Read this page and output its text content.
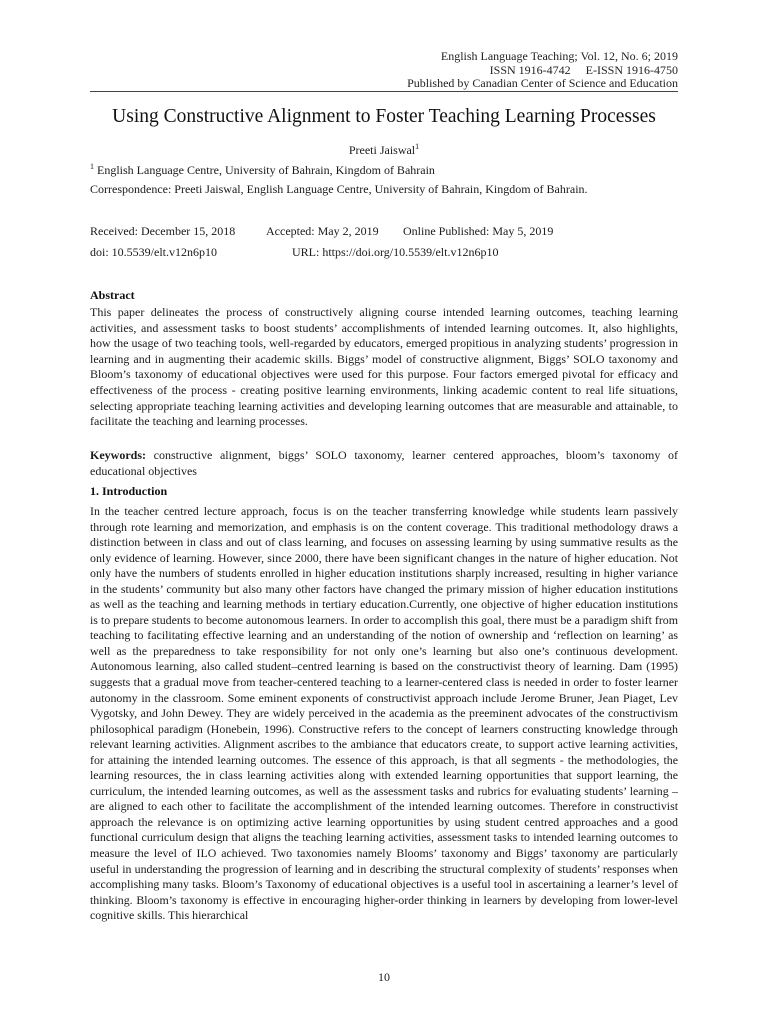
English Language Teaching; Vol. 12, No. 6; 2019
ISSN 1916-4742     E-ISSN 1916-4750
Published by Canadian Center of Science and Education
Using Constructive Alignment to Foster Teaching Learning Processes
Preeti Jaiswal$^1$
$^1$ English Language Centre, University of Bahrain, Kingdom of Bahrain
Correspondence: Preeti Jaiswal, English Language Centre, University of Bahrain, Kingdom of Bahrain.
Received: December 15, 2018	Accepted: May 2, 2019 Online Published: May 5, 2019
doi: 10.5539/elt.v12n6p10	URL: https://doi.org/10.5539/elt.v12n6p10
Abstract
This paper delineates the process of constructively aligning course intended learning outcomes, teaching learning activities, and assessment tasks to boost students’ accomplishments of intended learning outcomes. It, also highlights, how the usage of two teaching tools, well-regarded by educators, emerged propitious in analyzing students’ progression in learning and in augmenting their academic skills. Biggs’ model of constructive alignment, Biggs’ SOLO taxonomy and Bloom’s taxonomy of educational objectives were used for this purpose. Four factors emerged pivotal for efficacy and effectiveness of the process - creating positive learning environments, linking academic content to real life situations, selecting appropriate teaching learning activities and developing learning outcomes that are measurable and attainable, to facilitate the teaching and learning processes.
Keywords: constructive alignment, biggs’ SOLO taxonomy, learner centered approaches, bloom’s taxonomy of educational objectives
1. Introduction
In the teacher centred lecture approach, focus is on the teacher transferring knowledge while students learn passively through rote learning and memorization, and emphasis is on the content coverage. This traditional methodology draws a distinction between in class and out of class learning, and focuses on assessing learning by using summative results as the only evidence of learning. However, since 2000, there have been significant changes in the nature of higher education. Not only have the numbers of students enrolled in higher education institutions sharply increased, resulting in higher variance in the students’ community but also many other factors have changed the primary mission of higher education institutions as well as the teaching and learning methods in tertiary education.Currently, one objective of higher education institutions is to prepare students to become autonomous learners. In order to accomplish this goal, there must be a paradigm shift from teaching to facilitating effective learning and an understanding of the notion of ownership and ‘reflection on learning’ as well as the preparedness to take responsibility for not only one’s learning but also one’s continuous development. Autonomous learning, also called student–centred learning is based on the constructivist theory of learning. Dam (1995) suggests that a gradual move from teacher-centered teaching to a learner-centered class is needed in order to foster learner autonomy in the classroom. Some eminent exponents of constructivist approach include Jerome Bruner, Jean Piaget, Lev Vygotsky, and John Dewey. They are widely perceived in the academia as the preeminent advocates of the constructivism philosophical paradigm (Honebein, 1996). Constructive refers to the concept of learners constructing knowledge through relevant learning activities. Alignment ascribes to the ambiance that educators create, to support active learning activities, for attaining the intended learning outcomes. The essence of this approach, is that all segments - the methodologies, the learning resources, the in class learning activities along with extended learning opportunities that support learning, the curriculum, the intended learning outcomes, as well as the assessment tasks and rubrics for evaluating students’ learning – are aligned to each other to facilitate the accomplishment of the intended learning outcomes. Therefore in constructivist approach the relevance is on optimizing active learning opportunities by using student centred approaches and a good functional curriculum design that aligns the teaching learning activities, assessment tasks to intended learning outcomes to measure the level of ILO achieved. Two taxonomies namely Blooms’ taxonomy and Biggs’ taxonomy are particularly useful in understanding the progression of learning and in describing the structural complexity of students’ responses when accomplishing many tasks. Bloom’s Taxonomy of educational objectives is a useful tool in ascertaining a learner’s level of thinking. Bloom’s taxonomy is effective in encouraging higher-order thinking in learners by developing from lower-level cognitive skills. This hierarchical
10
